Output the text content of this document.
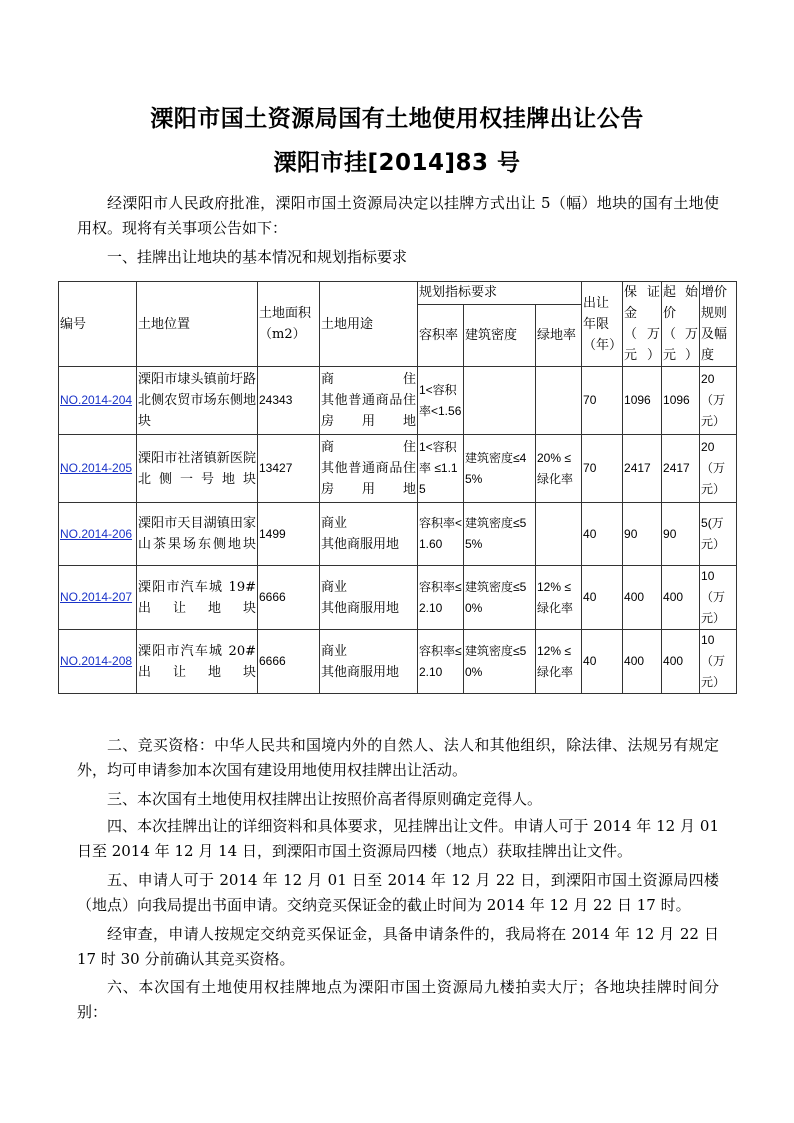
溧阳市国土资源局国有土地使用权挂牌出让公告
溧阳市挂[2014]83 号

经溧阳市人民政府批准，溧阳市国土资源局决定以挂牌方式出让 5（幅）地块的国有土地使用权。现将有关事项公告如下：

一、挂牌出让地块的基本情况和规划指标要求

编号	土地位置	土地面积（m2）	土地用途	规划指标要求			出让年限（年）	保证金（万元）	起始价（万元）	增价规则及幅度
				容积率	建筑密度	绿地率				
NO.2014-204	溧阳市埭头镇前圩路北侧农贸市场东侧地块	24343	商住
其他普通商品住房用地	1<容积率<1.56			70	1096	1096	20（万元）
NO.2014-205	溧阳市社渚镇新医院北侧一号地块	13427	商住
其他普通商品住房用地	1<容积率 ≤1.15	建筑密度≤45%	20% ≤绿化率	70	2417	2417	20（万元）
NO.2014-206	溧阳市天目湖镇田家山茶果场东侧地块	1499	商业
其他商服用地	容积率<1.60	建筑密度≤55%		40	90	90	5(万元）
NO.2014-207	溧阳市汽车城 19#出让地块	6666	商业
其他商服用地	容积率≤2.10	建筑密度≤50%	12% ≤绿化率	40	400	400	10（万元）
NO.2014-208	溧阳市汽车城 20#出让地块	6666	商业
其他商服用地	容积率≤2.10	建筑密度≤50%	12% ≤绿化率	40	400	400	10（万元）

二、竞买资格：中华人民共和国境内外的自然人、法人和其他组织，除法律、法规另有规定外，均可申请参加本次国有建设用地使用权挂牌出让活动。

三、本次国有土地使用权挂牌出让按照价高者得原则确定竞得人。

四、本次挂牌出让的详细资料和具体要求，见挂牌出让文件。申请人可于 2014 年 12 月 01 日至 2014 年 12 月 14 日，到溧阳市国土资源局四楼（地点）获取挂牌出让文件。

五、申请人可于 2014 年 12 月 01 日至 2014 年 12 月 22 日，到溧阳市国土资源局四楼（地点）向我局提出书面申请。交纳竞买保证金的截止时间为 2014 年 12 月 22 日 17 时。

经审查，申请人按规定交纳竞买保证金，具备申请条件的，我局将在 2014 年 12 月 22 日 17 时 30 分前确认其竞买资格。

六、本次国有土地使用权挂牌地点为溧阳市国土资源局九楼拍卖大厅；各地块挂牌时间分别：
